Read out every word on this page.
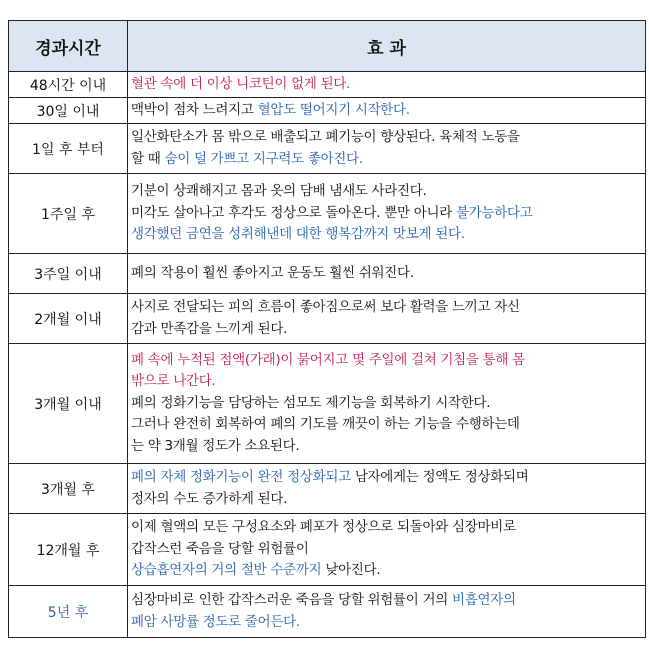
경과시간	효 과
48시간 이내	혈관 속에 더 이상 니코틴이 없게 된다.

30일 이내	맥박이 점차 느려지고 혈압도 떨어지기 시작한다.

1일 후 부터	일산화탄소가 몸 밖으로 배출되고 폐기능이 향상된다. 육체적 노동을
할 때 숨이 덜 가쁘고 지구력도 좋아진다.

1주일 후	기분이 상쾌해지고 몸과 옷의 담배 냄새도 사라진다.
미각도 살아나고 후각도 정상으로 돌아온다. 뿐만 아니라 불가능하다고
생각했던 금연을 성취해낸데 대한 행복감까지 맛보게 된다.

3주일 이내	폐의 작용이 훨씬 좋아지고 운동도 훨씬 쉬워진다.

2개월 이내	사지로 전달되는 피의 흐름이 좋아짐으로써 보다 활력을 느끼고 자신
감과 만족감을 느끼게 된다.

3개월 이내	폐 속에 누적된 점액(가래)이 묽어지고 몇 주일에 걸쳐 기침을 통해 몸
밖으로 나간다.
폐의 정화기능을 담당하는 섬모도 제기능을 회복하기 시작한다.
그러나 완전히 회복하여 폐의 기도를 깨끗이 하는 기능을 수행하는데
는 약 3개월 정도가 소요된다.

3개월 후	폐의 자체 정화기능이 완전 정상화되고 남자에게는 정액도 정상화되며
정자의 수도 증가하게 된다.

12개월 후	이제 혈액의 모든 구성요소와 폐포가 정상으로 되돌아와 심장마비로
갑작스런 죽음을 당할 위험률이
상습흡연자의 거의 절반 수준까지 낮아진다.

5년 후	심장마비로 인한 갑작스러운 죽음을 당할 위험률이 거의 비흡연자의
폐암 사망률 정도로 줄어든다.
